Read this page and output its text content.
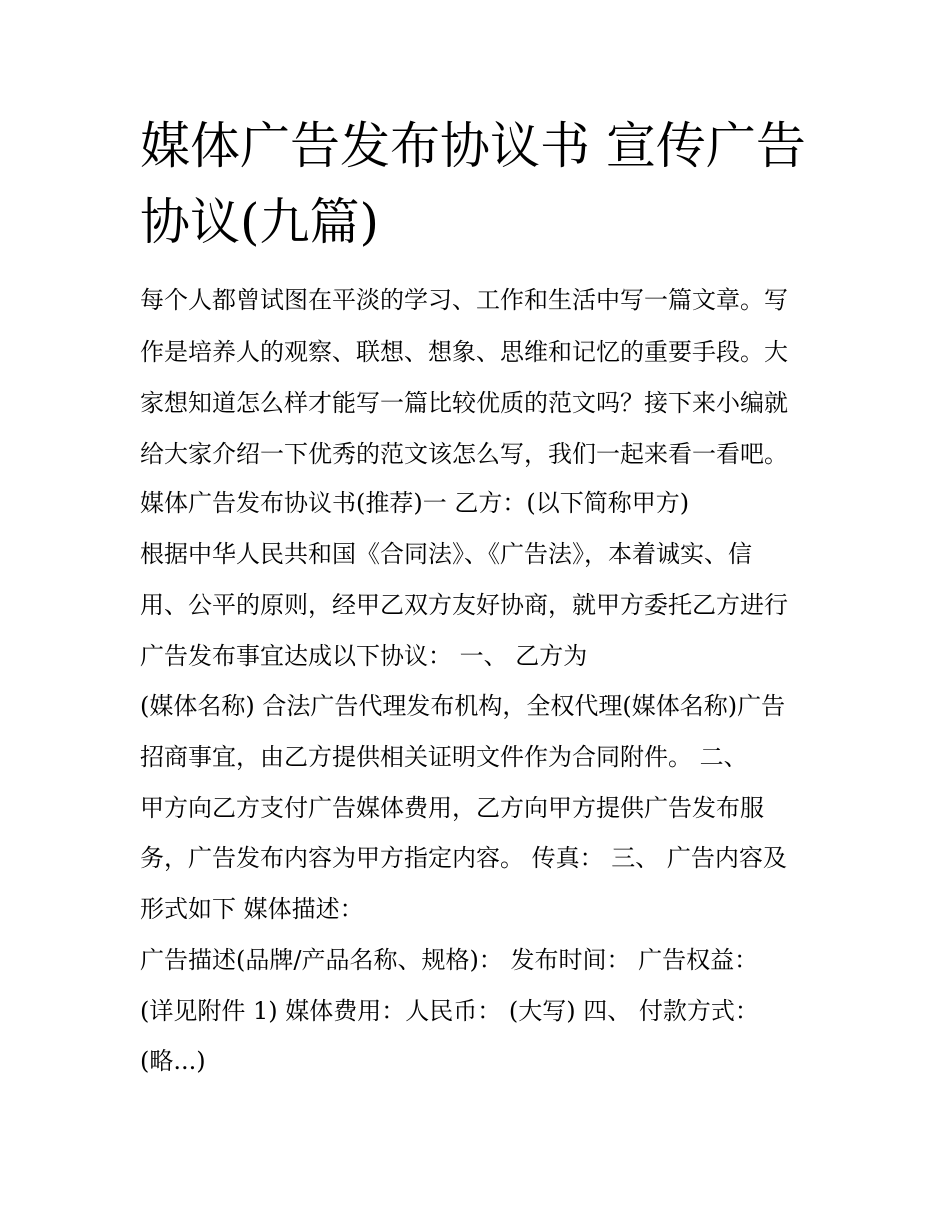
媒体广告发布协议书 宣传广告
协议(九篇)

每个人都曾试图在平淡的学习、工作和生活中写一篇文章。写

作是培养人的观察、联想、想象、思维和记忆的重要手段。大

家想知道怎么样才能写一篇比较优质的范文吗？接下来小编就

给大家介绍一下优秀的范文该怎么写，我们一起来看一看吧。

媒体广告发布协议书(推荐)一 乙方：(以下简称甲方)

根据中华人民共和国《合同法》、《广告法》，本着诚实、信

用、公平的原则，经甲乙双方友好协商，就甲方委托乙方进行

广告发布事宜达成以下协议： 一、 乙方为

(媒体名称) 合法广告代理发布机构，全权代理(媒体名称)广告

招商事宜，由乙方提供相关证明文件作为合同附件。 二、

甲方向乙方支付广告媒体费用，乙方向甲方提供广告发布服

务，广告发布内容为甲方指定内容。 传真： 三、 广告内容及

形式如下 媒体描述：

广告描述(品牌/产品名称、规格)： 发布时间： 广告权益：

(详见附件 1) 媒体费用：人民币： (大写) 四、 付款方式：

(略...)
